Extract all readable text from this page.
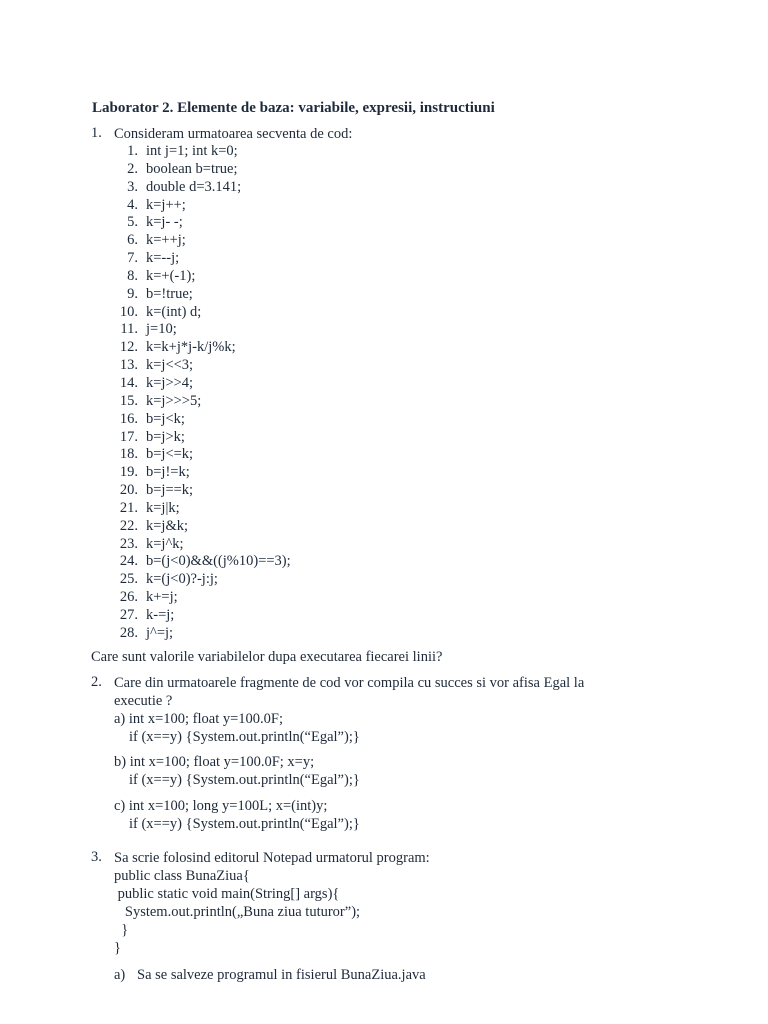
Laborator 2. Elemente de baza: variabile, expresii, instructiuni
1. Consideram urmatoarea secventa de cod:
1. int j=1; int k=0;
2. boolean b=true;
3. double d=3.141;
4. k=j++;
5. k=j- -;
6. k=++j;
7. k=--j;
8. k=+(-1);
9. b=!true;
10. k=(int) d;
11. j=10;
12. k=k+j*j-k/j%k;
13. k=j<<3;
14. k=j>>4;
15. k=j>>>5;
16. b=j<k;
17. b=j>k;
18. b=j<=k;
19. b=j!=k;
20. b=j==k;
21. k=j|k;
22. k=j&k;
23. k=j^k;
24. b=(j<0)&&((j%10)==3);
25. k=(j<0)?-j:j;
26. k+=j;
27. k-=j;
28. j^=j;
Care sunt valorile variabilelor dupa executarea fiecarei linii?
2. Care din urmatoarele fragmente de cod vor compila cu succes si vor afisa Egal la
executie ?
a) int x=100; float y=100.0F;
if (x==y) {System.out.println(“Egal”);}
b) int x=100; float y=100.0F; x=y;
if (x==y) {System.out.println(“Egal”);}
c) int x=100; long y=100L; x=(int)y;
if (x==y) {System.out.println(“Egal”);}
3. Sa scrie folosind editorul Notepad urmatorul program:
public class BunaZiua{
public static void main(String[] args){
System.out.println(„Buna ziua tuturor”);
}
}
a) Sa se salveze programul in fisierul BunaZiua.java
